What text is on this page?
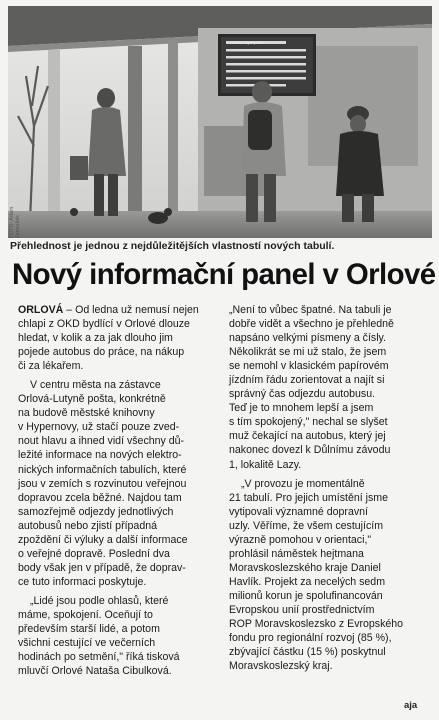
Orlová, Lutyně pošta
FOTO: Adam Janoušek
Přehlednost je jednou z nejdůležitějších vlastností nových tabulí.
Nový informační panel v Orlové
ORLOVÁ – Od ledna už nemusí nejen
chlapi z OKD bydlící v Orlové dlouze
hledat, v kolik a za jak dlouho jim
pojede autobus do práce, na nákup
či za lékařem.
V centru města na zástavce
Orlová-Lutyně pošta, konkrétně
na budově městské knihovny
v Hypernovy, už stačí pouze zved-
nout hlavu a ihned vidí všechny dů-
ležité informace na nových elektro-
nických informačních tabulích, které
jsou v zemích s rozvinutou veřejnou
dopravou zcela běžné. Najdou tam
samozřejmě odjezdy jednotlivých
autobusů nebo zjistí případná
zpoždění či výluky a další informace
o veřejné dopravě. Poslední dva
body však jen v případě, že doprav-
ce tuto informaci poskytuje.
„Lidé jsou podle ohlasů, které
máme, spokojení. Oceňují to
především starší lidé, a potom
všichni cestující ve večerních
hodinách po setmění," říká tisková
mluvčí Orlové Nataša Cibulková.
„Není to vůbec špatné. Na tabuli je
dobře vidět a všechno je přehledně
napsáno velkými písmeny a čísly.
Několikrát se mi už stalo, že jsem
se nemohl v klasickém papírovém
jízdním řádu zorientovat a najít si
správný čas odjezdu autobusu.
Teď je to mnohem lepší a jsem
s tím spokojený," nechal se slyšet
muž čekající na autobus, který jej
nakonec dovezl k Důlnímu závodu
1, lokalitě Lazy.
„V provozu je momentálně
21 tabulí. Pro jejich umístění jsme
vytipovali významné dopravní
uzly. Věříme, že všem cestujícím
výrazně pomohou v orientaci,"
prohlásil náměstek hejtmana
Moravskoslezského kraje Daniel
Havlík. Projekt za necelých sedm
milionů korun je spolufinancován
Evropskou unií prostřednictvím
ROP Moravskoslezsko z Evropského
fondu pro regionální rozvoj (85 %),
zbývající částku (15 %) poskytnul
Moravskoslezský kraj.
aja
